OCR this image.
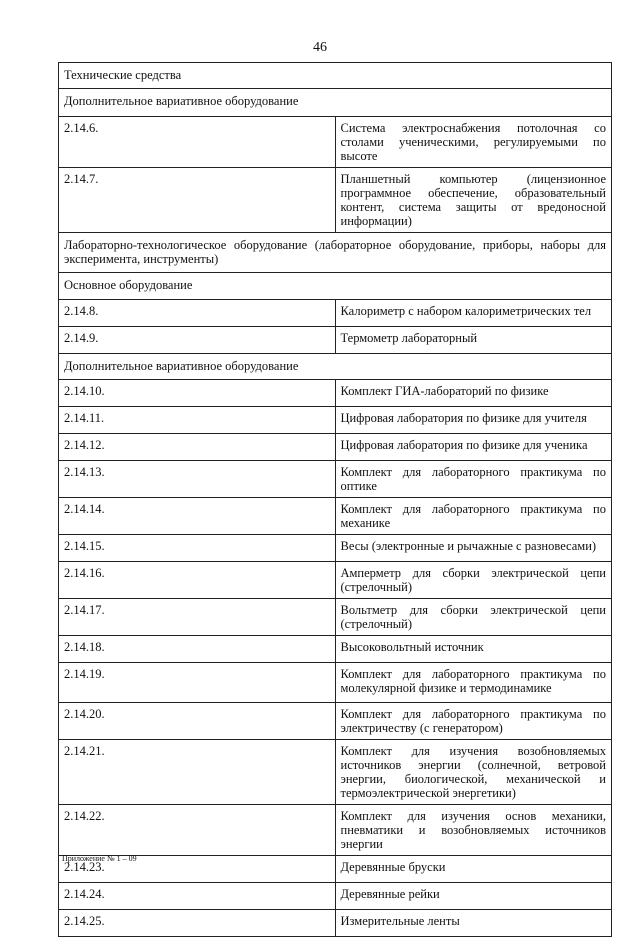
46
Технические средства	
Дополнительное вариативное оборудование	
2.14.6.	Система электроснабжения потолочная со столами ученическими, регулируемыми по высоте
2.14.7.	Планшетный компьютер (лицензионное программное обеспечение, образовательный контент, система защиты от вредоносной информации)
Лабораторно-технологическое оборудование (лабораторное оборудование, приборы, наборы для эксперимента, инструменты)	
Основное оборудование	
2.14.8.	Калориметр с набором калориметрических тел
2.14.9.	Термометр лабораторный
Дополнительное вариативное оборудование	
2.14.10.	Комплект ГИА-лабораторий по физике
2.14.11.	Цифровая лаборатория по физике для учителя
2.14.12.	Цифровая лаборатория по физике для ученика
2.14.13.	Комплект для лабораторного практикума по оптике
2.14.14.	Комплект для лабораторного практикума по механике
2.14.15.	Весы (электронные и рычажные с разновесами)
2.14.16.	Амперметр для сборки электрической цепи (стрелочный)
2.14.17.	Вольтметр для сборки электрической цепи (стрелочный)
2.14.18.	Высоковольтный источник
2.14.19.	Комплект для лабораторного практикума по молекулярной физике и термодинамике
2.14.20.	Комплект для лабораторного практикума по электричеству (с генератором)
2.14.21.	Комплект для изучения возобновляемых источников энергии (солнечной, ветровой энергии, биологической, механической и термоэлектрической энергетики)
2.14.22.	Комплект для изучения основ механики, пневматики и возобновляемых источников энергии
2.14.23.	Деревянные бруски
2.14.24.	Деревянные рейки
2.14.25.	Измерительные ленты
Приложение № 1 – 09
